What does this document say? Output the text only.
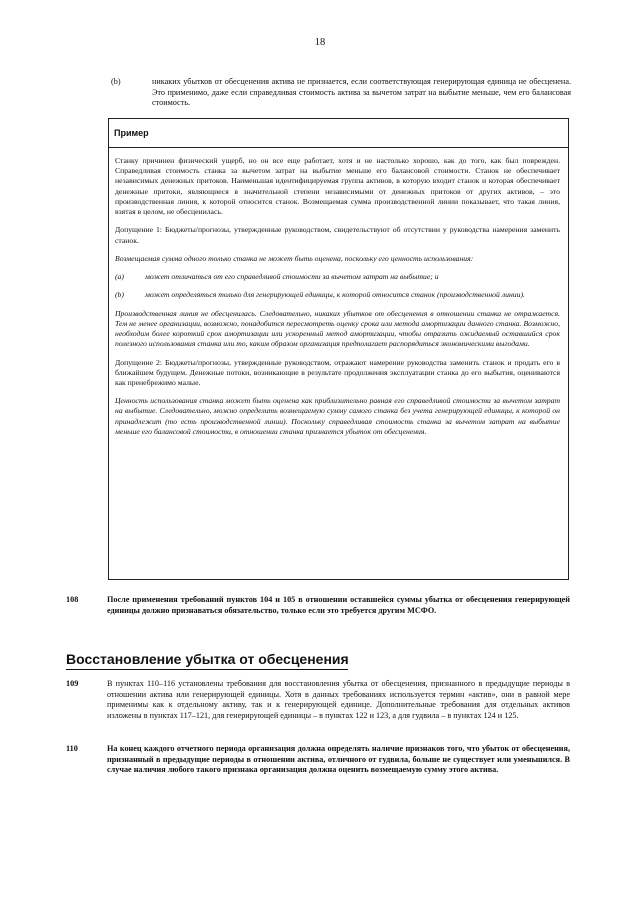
18
(b)	никаких убытков от обесценения актива не признается, если соответствующая генерирующая единица не обесценена. Это применимо, даже если справедливая стоимость актива за вычетом затрат на выбытие меньше, чем его балансовая стоимость.
Пример

Станку причинен физический ущерб, но он все еще работает, хотя и не настолько хорошо, как до того, как был поврежден. Справедливая стоимость станка за вычетом затрат на выбытие меньше его балансовой стоимости. Станок не обеспечивает независимых денежных притоков. Наименьшая идентифицируемая группа активов, в которую входит станок и которая обеспечивает денежные притоки, являющиеся в значительной степени независимыми от денежных притоков от других активов, – это производственная линия, к которой относится станок. Возмещаемая сумма производственной линии показывает, что такая линия, взятая в целом, не обесценилась.

Допущение 1: Бюджеты/прогнозы, утвержденные руководством, свидетельствуют об отсутствии у руководства намерения заменить станок.

Возмещаемая сумма одного только станка не может быть оценена, поскольку его ценность использования:

(a)	может отличаться от его справедливой стоимости за вычетом затрат на выбытие; и
(b)	может определяться только для генерирующей единицы, к которой относится станок (производственной линии).

Производственная линия не обесценилась. Следовательно, никаких убытков от обесценения в отношении станка не отражается. Тем не менее организации, возможно, понадобится пересмотреть оценку срока или метода амортизации данного станка. Возможно, необходим более короткий срок амортизации или ускоренный метод амортизации, чтобы отразить ожидаемый оставшийся срок полезного использования станка или то, каким образом организация предполагает распорядиться экономическими выгодами.

Допущение 2: Бюджеты/прогнозы, утвержденные руководством, отражают намерение руководства заменить станок и продать его в ближайшем будущем. Денежные потоки, возникающие в результате продолжения эксплуатации станка до его выбытия, оцениваются как пренебрежимо малые.

Ценность использования станка может быть оценена как приблизительно равная его справедливой стоимости за вычетом затрат на выбытие. Следовательно, можно определить возмещаемую сумму самого станка без учета генерирующей единицы, к которой он принадлежит (то есть производственной линии). Поскольку справедливая стоимость станка за вычетом затрат на выбытие меньше его балансовой стоимости, в отношении станка признается убыток от обесценения.

108	После применения требований пунктов 104 и 105 в отношении оставшейся суммы убытка от обесценения генерирующей единицы должно признаваться обязательство, только если это требуется другим МСФО.
Восстановление убытка от обесценения
109	В пунктах 110–116 установлены требования для восстановления убытка от обесценения, признанного в предыдущие периоды в отношении актива или генерирующей единицы. Хотя в данных требованиях используется термин «актив», они в равной мере применимы как к отдельному активу, так и к генерирующей единице. Дополнительные требования для отдельных активов изложены в пунктах 117–121, для генерирующей единицы – в пунктах 122 и 123, а для гудвила – в пунктах 124 и 125.
110	На конец каждого отчетного периода организация должна определять наличие признаков того, что убыток от обесценения, признанный в предыдущие периоды в отношении актива, отличного от гудвила, больше не существует или уменьшился. В случае наличия любого такого признака организация должна оценить возмещаемую сумму этого актива.
